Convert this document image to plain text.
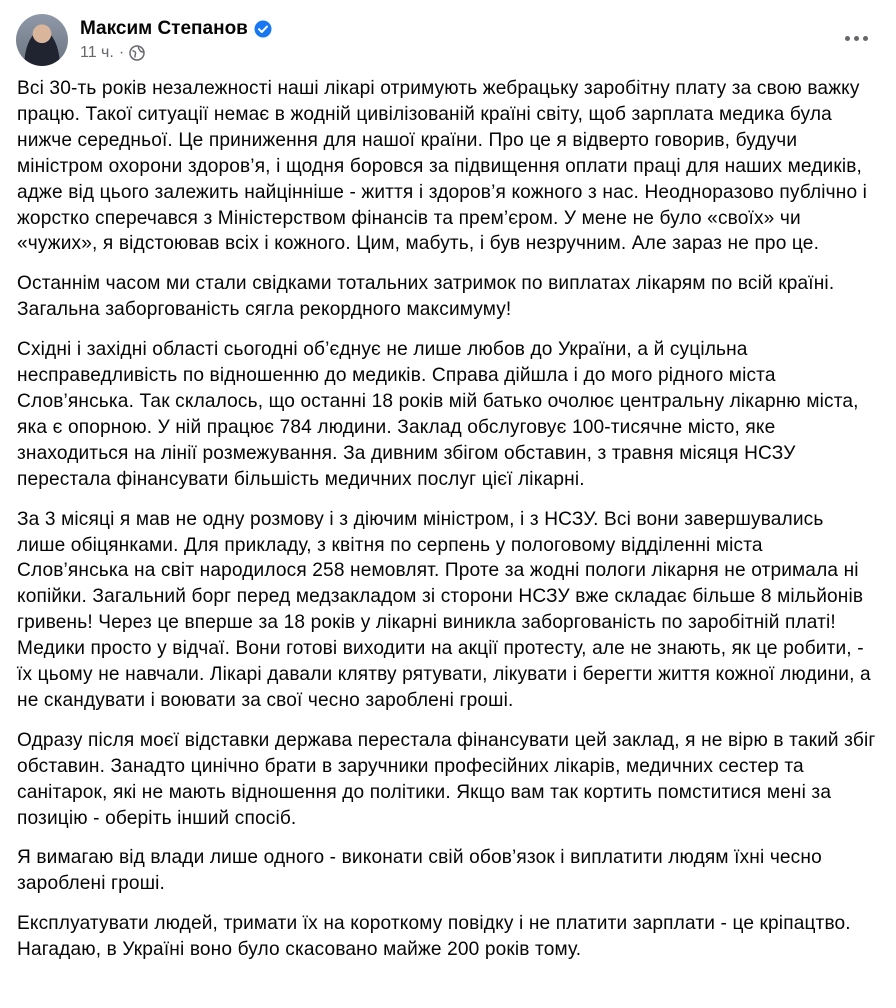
Максим Степанов
11 ч. ·

Всі 30-ть років незалежності наші лікарі отримують жебрацьку заробітну плату за свою важку працю. Такої ситуації немає в жодній цивілізованій країні світу, щоб зарплата медика була нижче середньої. Це приниження для нашої країни. Про це я відверто говорив, будучи міністром охорони здоров’я, і щодня боровся за підвищення оплати праці для наших медиків, адже від цього залежить найцінніше - життя і здоров’я кожного з нас. Неодноразово публічно і жорстко сперечався з Міністерством фінансів та прем’єром. У мене не було «своїх» чи «чужих», я відстоював всіх і кожного. Цим, мабуть, і був незручним. Але зараз не про це.

Останнім часом ми стали свідками тотальних затримок по виплатах лікарям по всій країні. Загальна заборгованість сягла рекордного максимуму!

Східні і західні області сьогодні об’єднує не лише любов до України, а й суцільна несправедливість по відношенню до медиків. Справа дійшла і до мого рідного міста Слов’янська. Так склалось, що останні 18 років мій батько очолює центральну лікарню міста, яка є опорною. У ній працює 784 людини. Заклад обслуговує 100-тисячне місто, яке знаходиться на лінії розмежування. За дивним збігом обставин, з травня місяця НСЗУ перестала фінансувати більшість медичних послуг цієї лікарні.

За 3 місяці я мав не одну розмову і з діючим міністром, і з НСЗУ. Всі вони завершувались лише обіцянками. Для прикладу, з квітня по серпень у пологовому відділенні міста Слов’янська на світ народилося 258 немовлят. Проте за жодні пологи лікарня не отримала ні копійки. Загальний борг перед медзакладом зі сторони НСЗУ вже складає більше 8 мільйонів гривень! Через це вперше за 18 років у лікарні виникла заборгованість по заробітній платі! Медики просто у відчаї. Вони готові виходити на акції протесту, але не знають, як це робити, - їх цьому не навчали. Лікарі давали клятву рятувати, лікувати і берегти життя кожної людини, а не скандувати і воювати за свої чесно зароблені гроші.

Одразу після моєї відставки держава перестала фінансувати цей заклад, я не вірю в такий збіг обставин. Занадто цинічно брати в заручники професійних лікарів, медичних сестер та санітарок, які не мають відношення до політики. Якщо вам так кортить помститися мені за позицію - оберіть інший спосіб.

Я вимагаю від влади лише одного - виконати свій обов’язок і виплатити людям їхні чесно зароблені гроші.

Експлуатувати людей, тримати їх на короткому повідку і не платити зарплати - це кріпацтво. Нагадаю, в Україні воно було скасовано майже 200 років тому.
